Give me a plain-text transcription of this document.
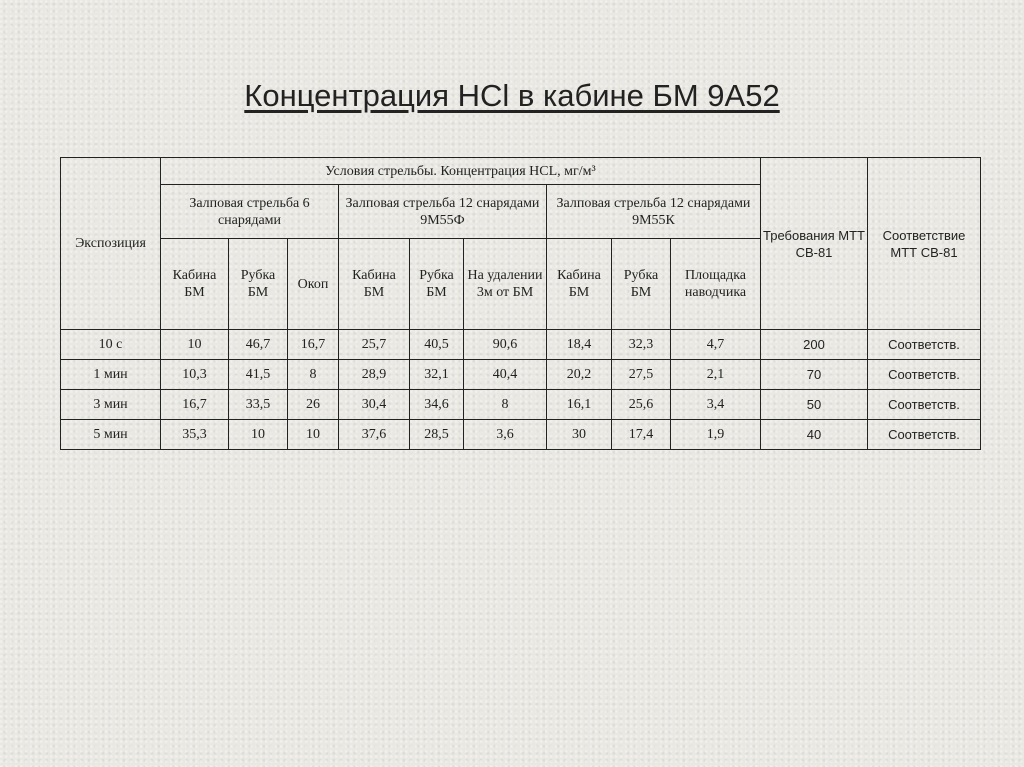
Концентрация HCl в кабине БМ 9А52
Экспозиция	Условия стрельбы. Концентрация HCL, мг/м³									Требования МТТ СВ-81	Соответствие МТТ СВ-81
	Залповая стрельба 6 снарядами			Залповая стрельба 12 снарядами 9М55Ф			Залповая стрельба 12 снарядами 9М55К				
	Кабина БМ	Рубка БМ	Окоп	Кабина БМ	Рубка БМ	На удалении 3м от БМ	Кабина БМ	Рубка БМ	Площадка наводчика		
10 с	10	46,7	16,7	25,7	40,5	90,6	18,4	32,3	4,7	200	Соответств.
1 мин	10,3	41,5	8	28,9	32,1	40,4	20,2	27,5	2,1	70	Соответств.
3 мин	16,7	33,5	26	30,4	34,6	8	16,1	25,6	3,4	50	Соответств.
5 мин	35,3	10	10	37,6	28,5	3,6	30	17,4	1,9	40	Соответств.
